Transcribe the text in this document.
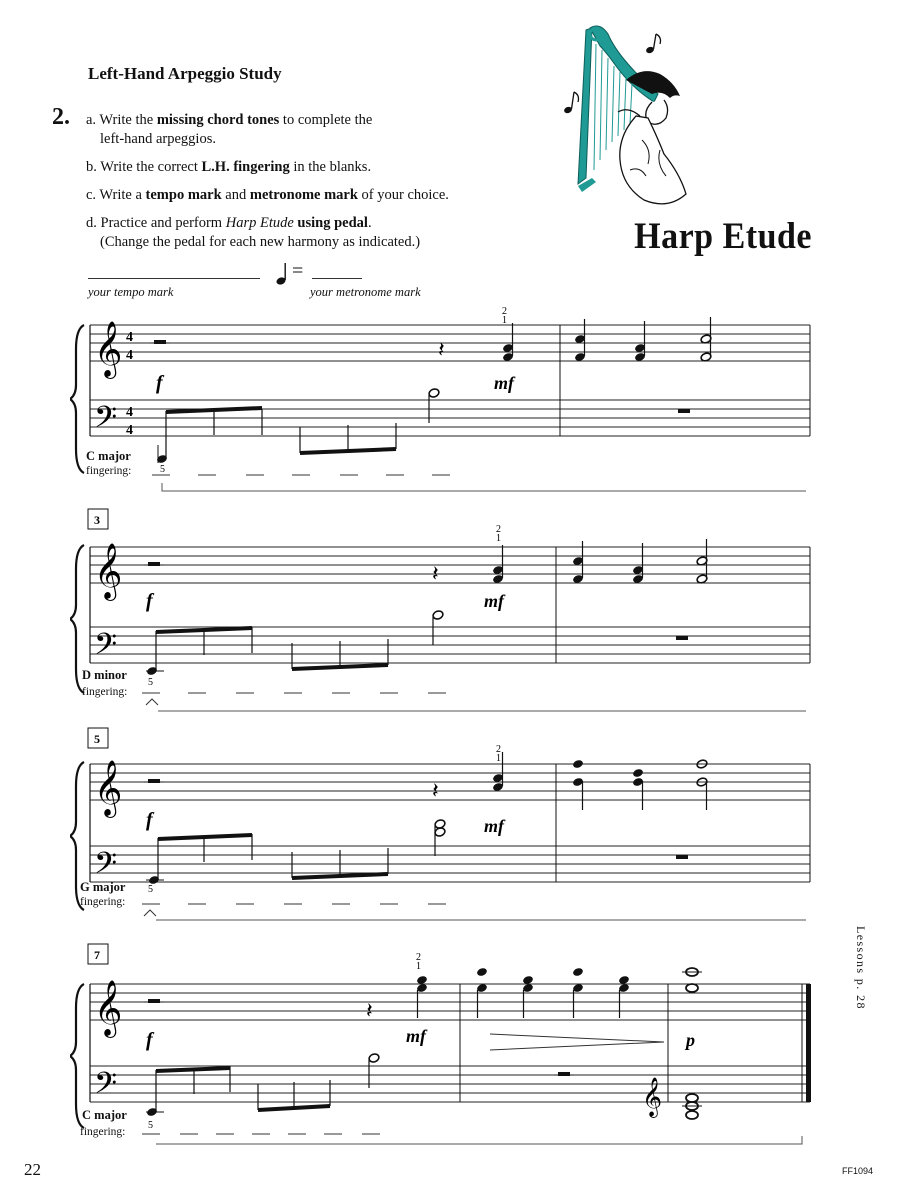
Left-Hand Arpeggio Study
2. a. Write the missing chord tones to complete the
left-hand arpeggios.
b. Write the correct L.H. fingering in the blanks.
c. Write a tempo mark and metronome mark of your choice.
d. Practice and perform Harp Etude using pedal.
(Change the pedal for each new harmony as indicated.)	Harp Etude
your tempo mark
=
your metronome mark
𝄞
𝄢
4
4
4
4
f
𝄽
2
1
mf
5
C major
fingering:
3
𝄞
𝄢
f
𝄽
2
1
mf
5
D minor
fingering:
5
𝄞
𝄢
f
𝄽
2
1
mf
5
G major
fingering:
7
𝄞
𝄢
f
𝄽
2
1
mf	p
𝄞
5
C major
fingering:
Lessons p. 28
22	FF1094
